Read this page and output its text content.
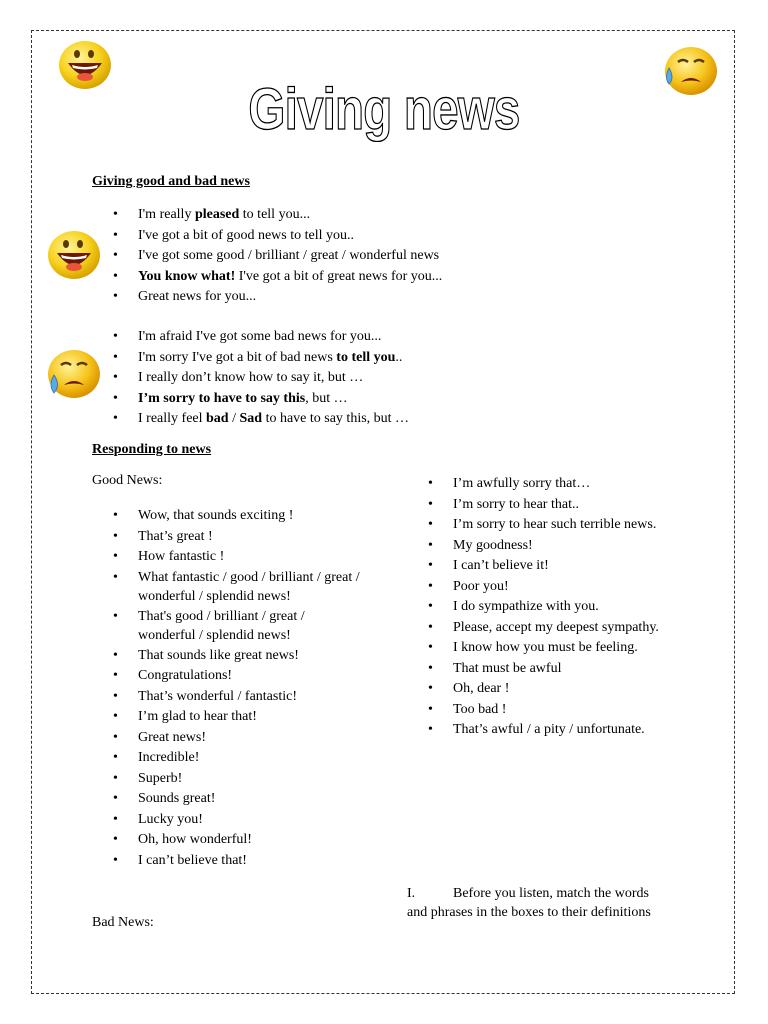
Giving news
Giving good and bad news
• I'm really pleased to tell you...
• I've got a bit of good news to tell you..
• I've got some good / brilliant / great / wonderful news
• You know what! I've got a bit of great news for you...
• Great news for you...
• I'm afraid I've got some bad news for you...
• I'm sorry I've got a bit of bad news to tell you..
• I really don’t know how to say it, but …
• I’m sorry to have to say this, but …
• I really feel bad / Sad to have to say this, but …
Responding to news
Good News:
• Wow, that sounds exciting !
• That’s great !
• How fantastic !
• What fantastic / good / brilliant / great / wonderful / splendid news!
• That's good / brilliant / great / wonderful / splendid news!
• That sounds like great news!
• Congratulations!
• That’s wonderful / fantastic!
• I’m glad to hear that!
• Great news!
• Incredible!
• Superb!
• Sounds great!
• Lucky you!
• Oh, how wonderful!
• I can’t believe that!
• I’m awfully sorry that…
• I’m sorry to hear that..
• I’m sorry to hear such terrible news.
• My goodness!
• I can’t believe it!
• Poor you!
• I do sympathize with you.
• Please, accept my deepest sympathy.
• I know how you must be feeling.
• That must be awful
• Oh, dear !
• Too bad !
• That’s awful / a pity / unfortunate.
I.	Before you listen, match the words
and phrases in the boxes to their definitions
Bad News:
